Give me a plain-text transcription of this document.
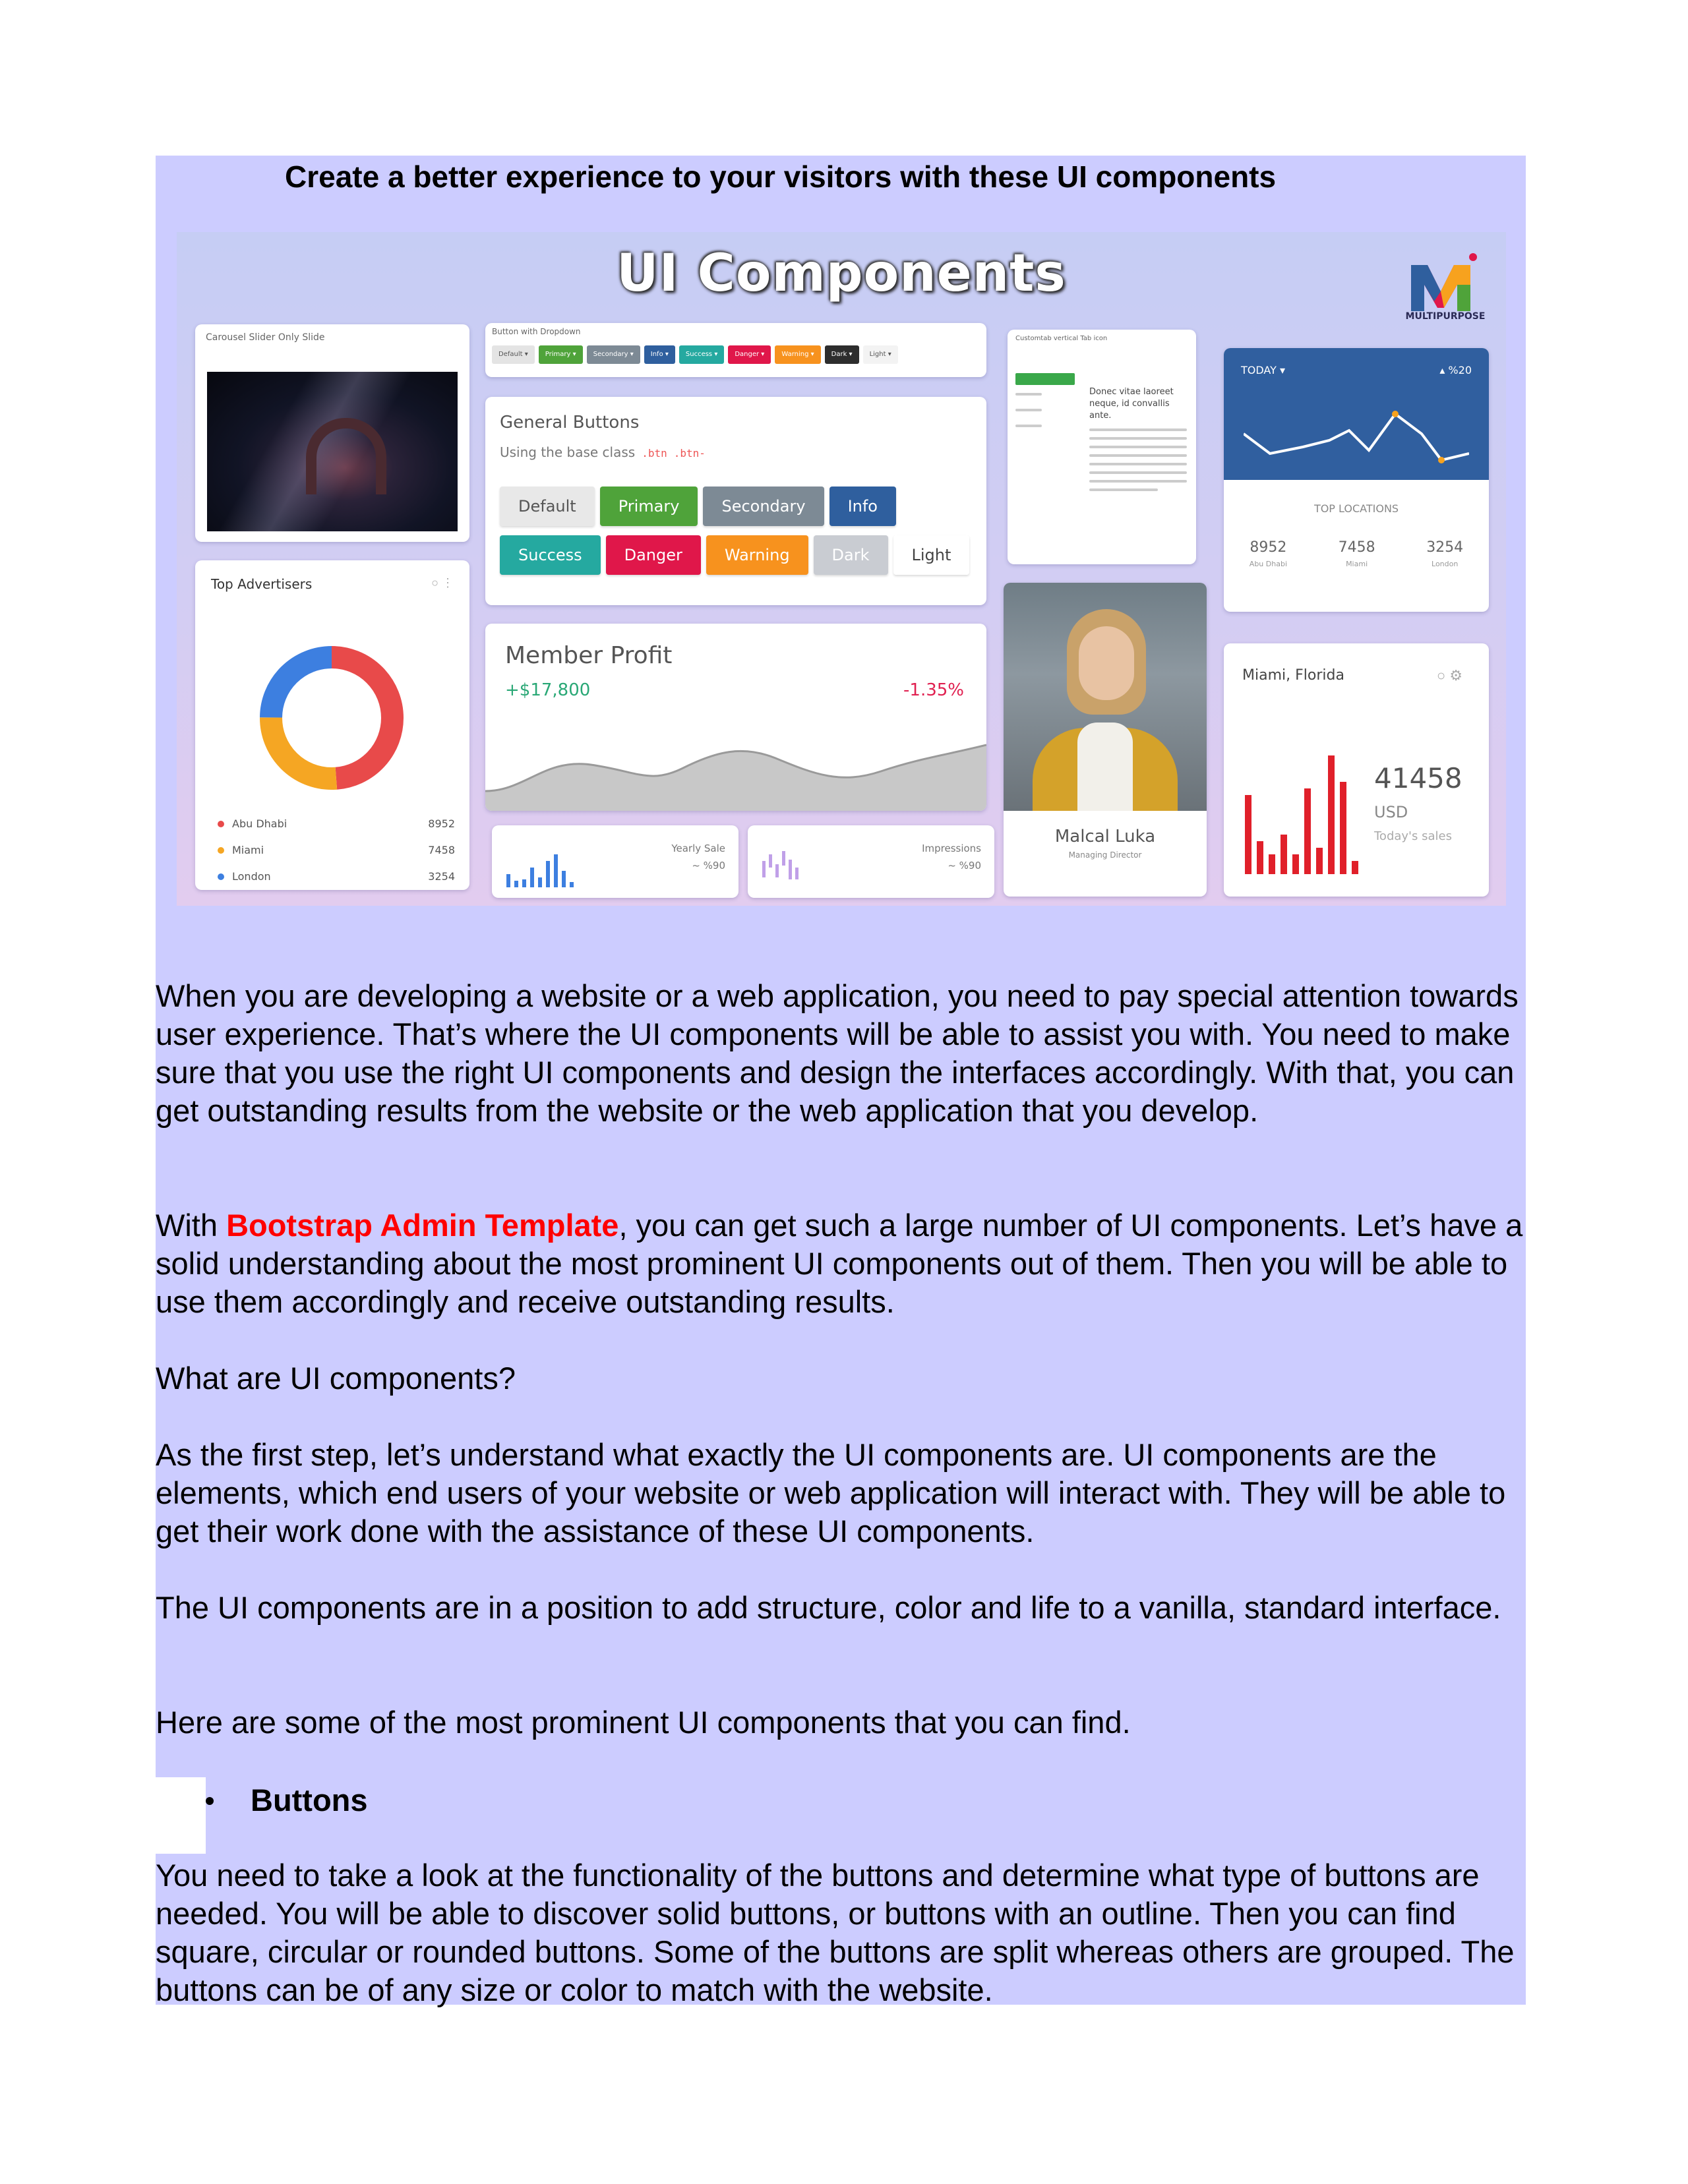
Create a better experience to your visitors with these UI components
UI Components
MULTIPURPOSE
Carousel Slider Only Slide
Top Advertisers	○ ⋮
Abu Dhabi	8952
Miami	7458
London	3254
Button with Dropdown
Default ▾	Primary ▾	Secondary ▾	Info ▾	Success ▾	Danger ▾	Warning ▾	Dark ▾	Light ▾
General Buttons
Using the base class .btn .btn-
Default	Primary	Secondary	Info
Success	Danger	Warning	Dark	Light
Member Profit
+$17,800	-1.35%
Yearly Sale
~ %90
Impressions
~ %90
Customtab vertical Tab icon
Donec vitae laoreet neque, id convallis ante.
Malcal Luka
Managing Director
TODAY ▾	▴ %20
TOP LOCATIONS
8952
Abu Dhabi
7458
Miami
3254
London
Miami, Florida	○ ⚙
41458
USD
Today's sales
When you are developing a website or a web application, you need to pay special attention towards user experience. That’s where the UI components will be able to assist you with. You need to make sure that you use the right UI components and design the interfaces accordingly. With that, you can get outstanding results from the website or the web application that you develop.
With Bootstrap Admin Template, you can get such a large number of UI components. Let’s have a solid understanding about the most prominent UI components out of them. Then you will be able to use them accordingly and receive outstanding results.
What are UI components?
As the first step, let’s understand what exactly the UI components are. UI components are the elements, which end users of your website or web application will interact with. They will be able to get their work done with the assistance of these UI components.
The UI components are in a position to add structure, color and life to a vanilla, standard interface.
Here are some of the most prominent UI components that you can find.
Buttons
You need to take a look at the functionality of the buttons and determine what type of buttons are needed. You will be able to discover solid buttons, or buttons with an outline. Then you can find square, circular or rounded buttons. Some of the buttons are split whereas others are grouped. The buttons can be of any size or color to match with the website.
